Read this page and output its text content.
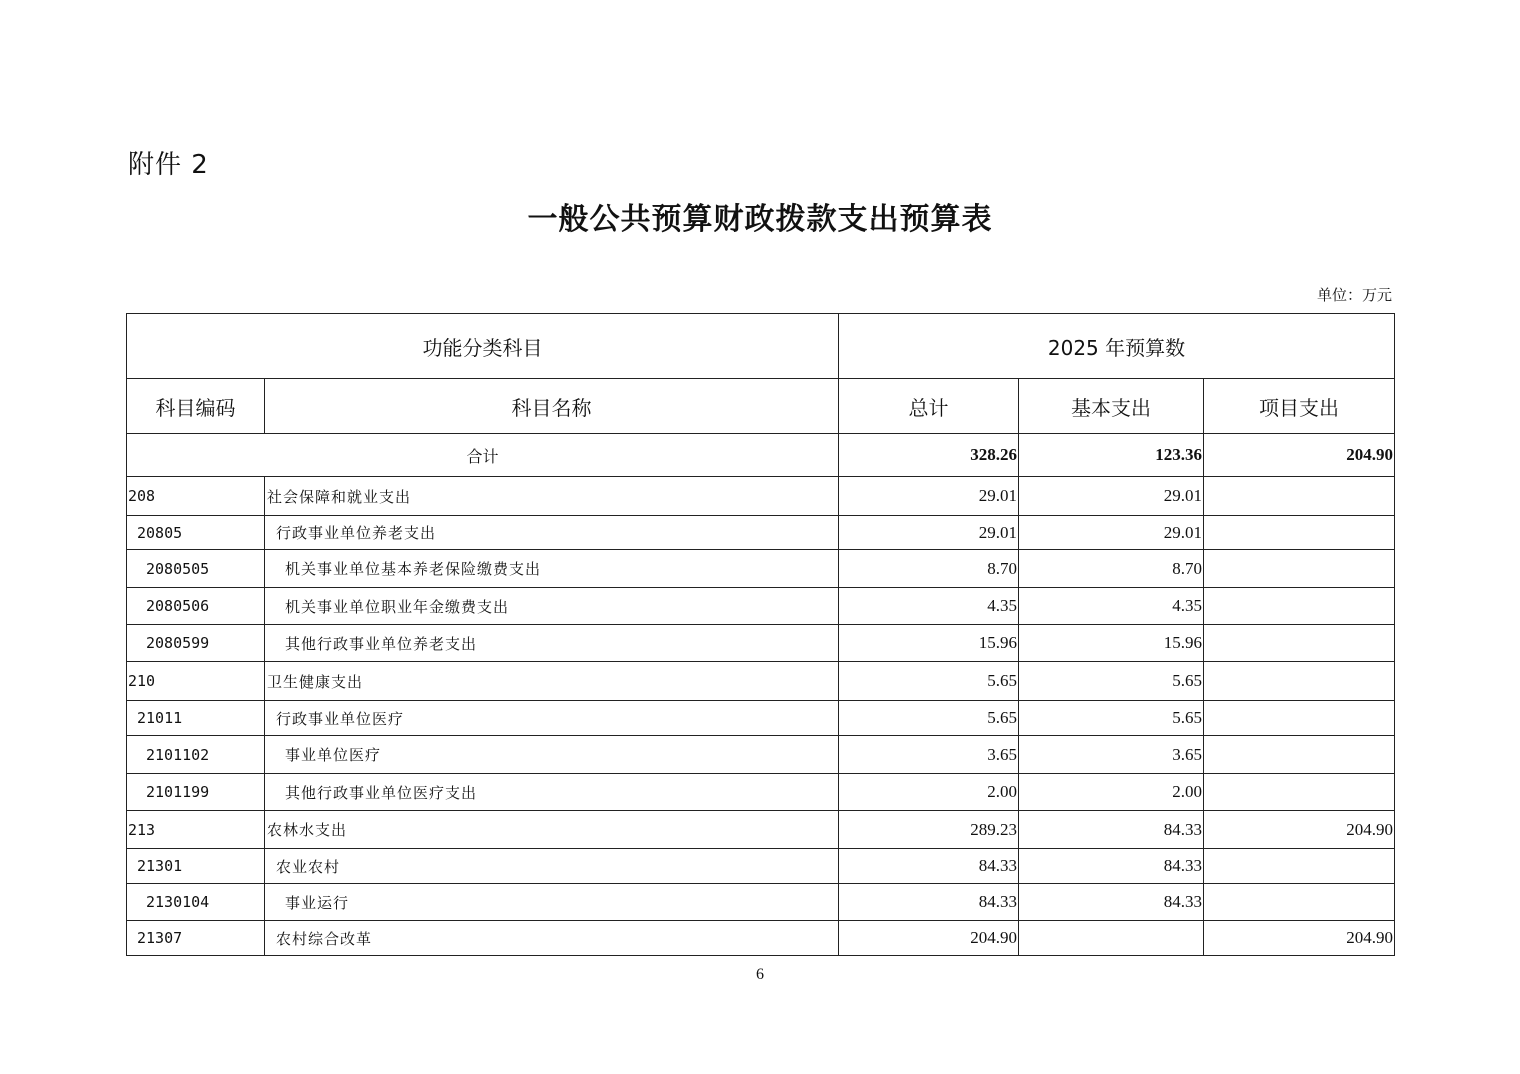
附件 2
一般公共预算财政拨款支出预算表
单位：万元
功能分类科目		2025 年预算数		
科目编码	科目名称	总计	基本支出	项目支出
合计		328.26	123.36	204.90
208	社会保障和就业支出	29.01	29.01	
20805	行政事业单位养老支出	29.01	29.01	
2080505	机关事业单位基本养老保险缴费支出	8.70	8.70	
2080506	机关事业单位职业年金缴费支出	4.35	4.35	
2080599	其他行政事业单位养老支出	15.96	15.96	
210	卫生健康支出	5.65	5.65	
21011	行政事业单位医疗	5.65	5.65	
2101102	事业单位医疗	3.65	3.65	
2101199	其他行政事业单位医疗支出	2.00	2.00	
213	农林水支出	289.23	84.33	204.90
21301	农业农村	84.33	84.33	
2130104	事业运行	84.33	84.33	
21307	农村综合改革	204.90		204.90
6
